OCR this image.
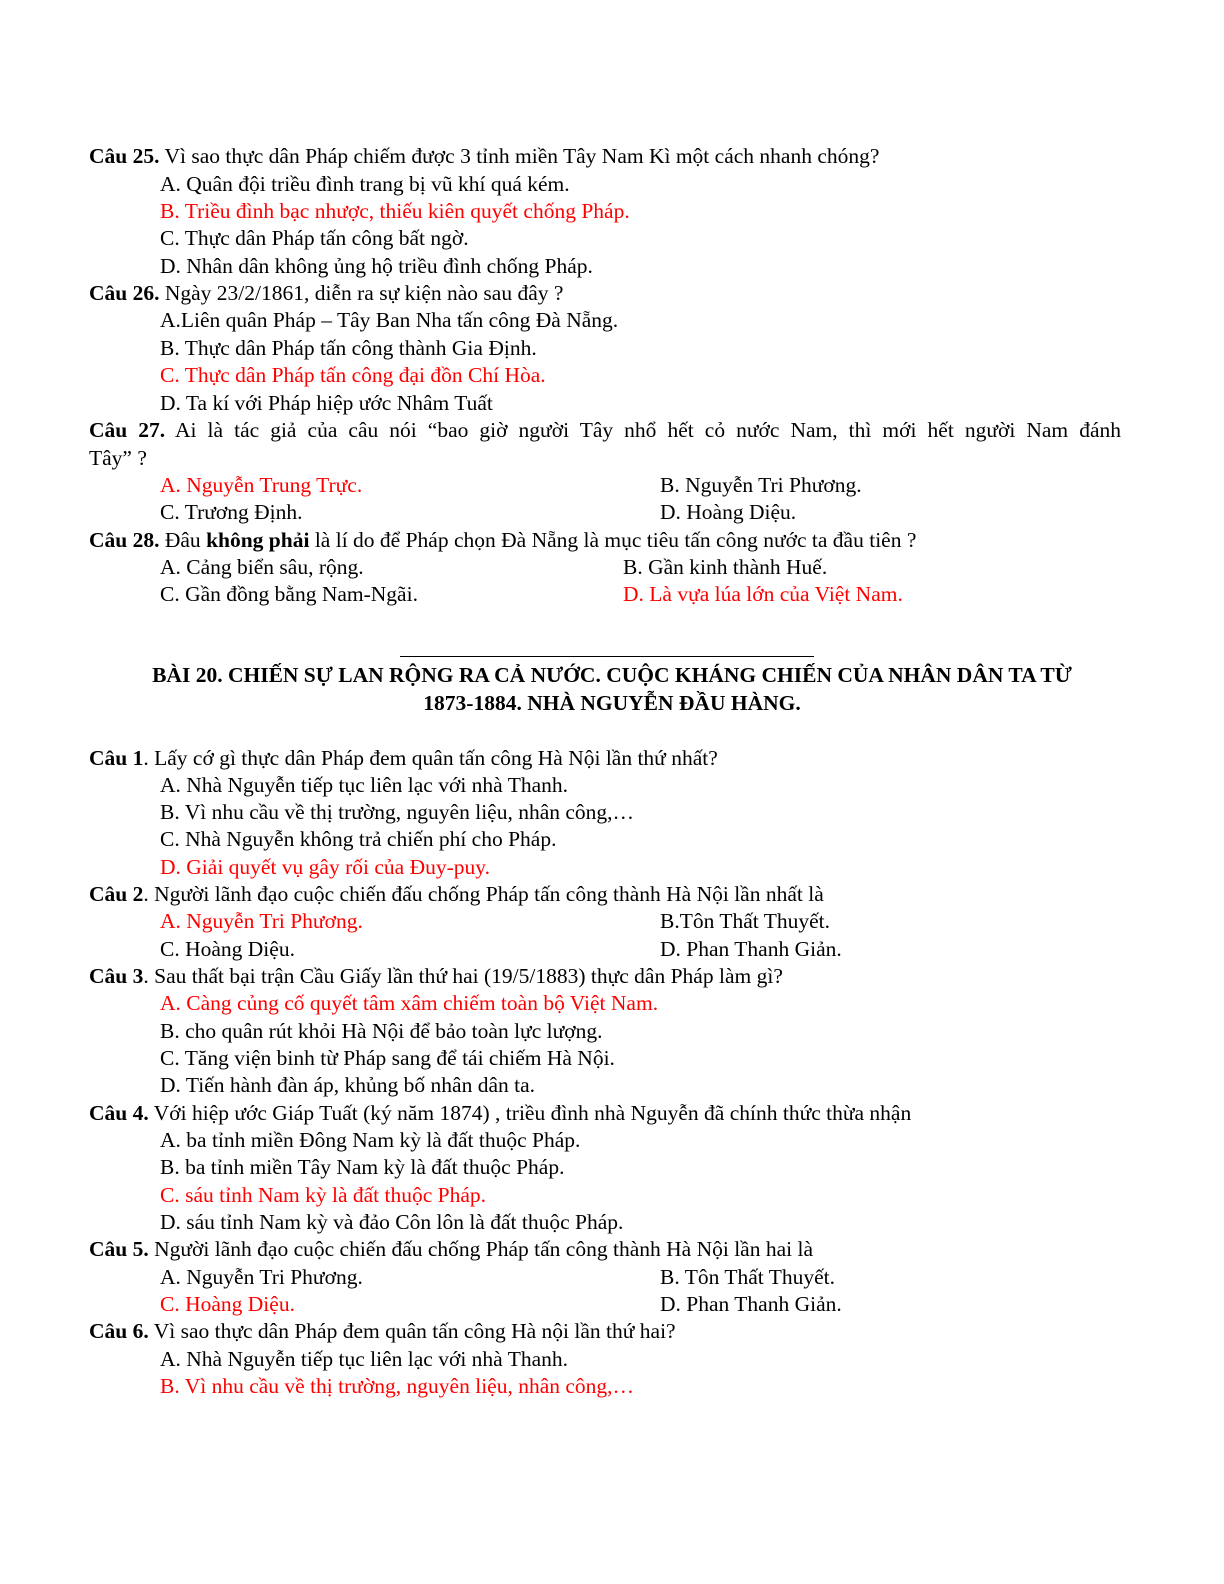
Câu 25. Vì sao thực dân Pháp chiếm được 3 tỉnh miền Tây Nam Kì một cách nhanh chóng?
A. Quân đội triều đình trang bị vũ khí quá kém.
B. Triều đình bạc nhược, thiếu kiên quyết chống Pháp.
C. Thực dân Pháp tấn công bất ngờ.
D. Nhân dân không ủng hộ triều đình chống Pháp.
Câu 26. Ngày 23/2/1861, diễn ra sự kiện nào sau đây ?
A.Liên quân Pháp – Tây Ban Nha tấn công Đà Nẵng.
B. Thực dân Pháp tấn công thành Gia Định.
C. Thực dân Pháp tấn công đại đồn Chí Hòa.
D. Ta kí với Pháp hiệp ước Nhâm Tuất
Câu 27. Ai là tác giả của câu nói “bao giờ người Tây nhổ hết cỏ nước Nam, thì mới hết người Nam đánh
Tây” ?
A. Nguyễn Trung Trực.	B. Nguyễn Tri Phương.
C. Trương Định.	D. Hoàng Diệu.
Câu 28. Đâu không phải là lí do để Pháp chọn Đà Nẵng là mục tiêu tấn công nước ta đầu tiên ?
A. Cảng biển sâu, rộng.	B. Gần kinh thành Huế.
C. Gần đồng bằng Nam-Ngãi.	D. Là vựa lúa lớn của Việt Nam.
BÀI 20. CHIẾN SỰ LAN RỘNG RA CẢ NƯỚC. CUỘC KHÁNG CHIẾN CỦA NHÂN DÂN TA TỪ
1873-1884. NHÀ NGUYỄN ĐẦU HÀNG.
Câu 1. Lấy cớ gì thực dân Pháp đem quân tấn công Hà Nội lần thứ nhất?
A. Nhà Nguyễn tiếp tục liên lạc với nhà Thanh.
B. Vì nhu cầu về thị trường, nguyên liệu, nhân công,…
C. Nhà Nguyễn không trả chiến phí cho Pháp.
D. Giải quyết vụ gây rối của Đuy-puy.
Câu 2. Người lãnh đạo cuộc chiến đấu chống Pháp tấn công thành Hà Nội lần nhất là
A. Nguyễn Tri Phương.	B.Tôn Thất Thuyết.
C. Hoàng Diệu.	D. Phan Thanh Giản.
Câu 3. Sau thất bại trận Cầu Giấy lần thứ hai (19/5/1883) thực dân Pháp làm gì?
A. Càng củng cố quyết tâm xâm chiếm toàn bộ Việt Nam.
B. cho quân rút khỏi Hà Nội để bảo toàn lực lượng.
C. Tăng viện binh từ Pháp sang để tái chiếm Hà Nội.
D. Tiến hành đàn áp, khủng bố nhân dân ta.
Câu 4. Với hiệp ước Giáp Tuất (ký năm 1874) , triều đình nhà Nguyễn đã chính thức thừa nhận
A. ba tỉnh miền Đông Nam kỳ là đất thuộc Pháp.
B. ba tỉnh miền Tây Nam kỳ là đất thuộc Pháp.
C. sáu tỉnh Nam kỳ là đất thuộc Pháp.
D. sáu tỉnh Nam kỳ và đảo Côn lôn là đất thuộc Pháp.
Câu 5. Người lãnh đạo cuộc chiến đấu chống Pháp tấn công thành Hà Nội lần hai là
A. Nguyễn Tri Phương.	B. Tôn Thất Thuyết.
C. Hoàng Diệu.	D. Phan Thanh Giản.
Câu 6. Vì sao thực dân Pháp đem quân tấn công Hà nội lần thứ hai?
A. Nhà Nguyễn tiếp tục liên lạc với nhà Thanh.
B. Vì nhu cầu về thị trường, nguyên liệu, nhân công,…
